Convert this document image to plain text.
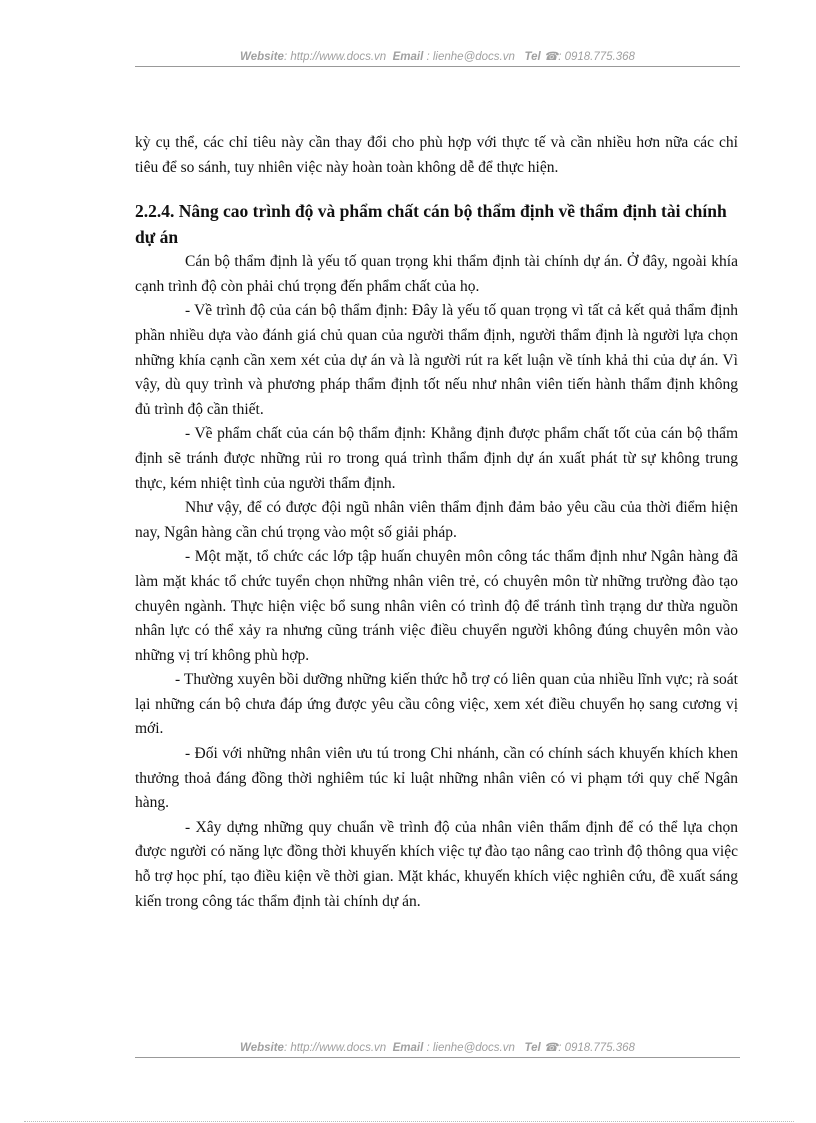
Website: http://www.docs.vn Email : lienhe@docs.vn Tel ☎: 0918.775.368

kỳ cụ thể, các chỉ tiêu này cần thay đổi cho phù hợp với thực tế và cần nhiều hơn nữa các chỉ tiêu để so sánh, tuy nhiên việc này hoàn toàn không dễ để thực hiện.

2.2.4. Nâng cao trình độ và phẩm chất cán bộ thẩm định về thẩm định tài chính dự án

Cán bộ thẩm định là yếu tố quan trọng khi thẩm định tài chính dự án. Ở đây, ngoài khía cạnh trình độ còn phải chú trọng đến phẩm chất của họ.

- Về trình độ của cán bộ thẩm định: Đây là yếu tố quan trọng vì tất cả kết quả thẩm định phần nhiều dựa vào đánh giá chủ quan của người thẩm định, người thẩm định là người lựa chọn những khía cạnh cần xem xét của dự án và là người rút ra kết luận về tính khả thi của dự án. Vì vậy, dù quy trình và phương pháp thẩm định tốt nếu như nhân viên tiến hành thẩm định không đủ trình độ cần thiết.

- Về phẩm chất của cán bộ thẩm định: Khẳng định được phẩm chất tốt của cán bộ thẩm định sẽ tránh được những rủi ro trong quá trình thẩm định dự án xuất phát từ sự không trung thực, kém nhiệt tình của người thẩm định.

Như vậy, để có được đội ngũ nhân viên thẩm định đảm bảo yêu cầu của thời điểm hiện nay, Ngân hàng cần chú trọng vào một số giải pháp.

- Một mặt, tổ chức các lớp tập huấn chuyên môn công tác thẩm định như Ngân hàng đã làm mặt khác tổ chức tuyển chọn những nhân viên trẻ, có chuyên môn từ những trường đào tạo chuyên ngành. Thực hiện việc bổ sung nhân viên có trình độ để tránh tình trạng dư thừa nguồn nhân lực có thể xảy ra nhưng cũng tránh việc điều chuyển người không đúng chuyên môn vào những vị trí không phù hợp.

- Thường xuyên bồi dưỡng những kiến thức hỗ trợ có liên quan của nhiều lĩnh vực; rà soát lại những cán bộ chưa đáp ứng được yêu cầu công việc, xem xét điều chuyển họ sang cương vị mới.

- Đối với những nhân viên ưu tú trong Chi nhánh, cần có chính sách khuyến khích khen thưởng thoả đáng đồng thời nghiêm túc kỉ luật những nhân viên có vi phạm tới quy chế Ngân hàng.

- Xây dựng những quy chuẩn về trình độ của nhân viên thẩm định để có thể lựa chọn được người có năng lực đồng thời khuyến khích việc tự đào tạo nâng cao trình độ thông qua việc hỗ trợ học phí, tạo điều kiện về thời gian. Mặt khác, khuyến khích việc nghiên cứu, đề xuất sáng kiến trong công tác thẩm định tài chính dự án.

Website: http://www.docs.vn Email : lienhe@docs.vn Tel ☎: 0918.775.368
